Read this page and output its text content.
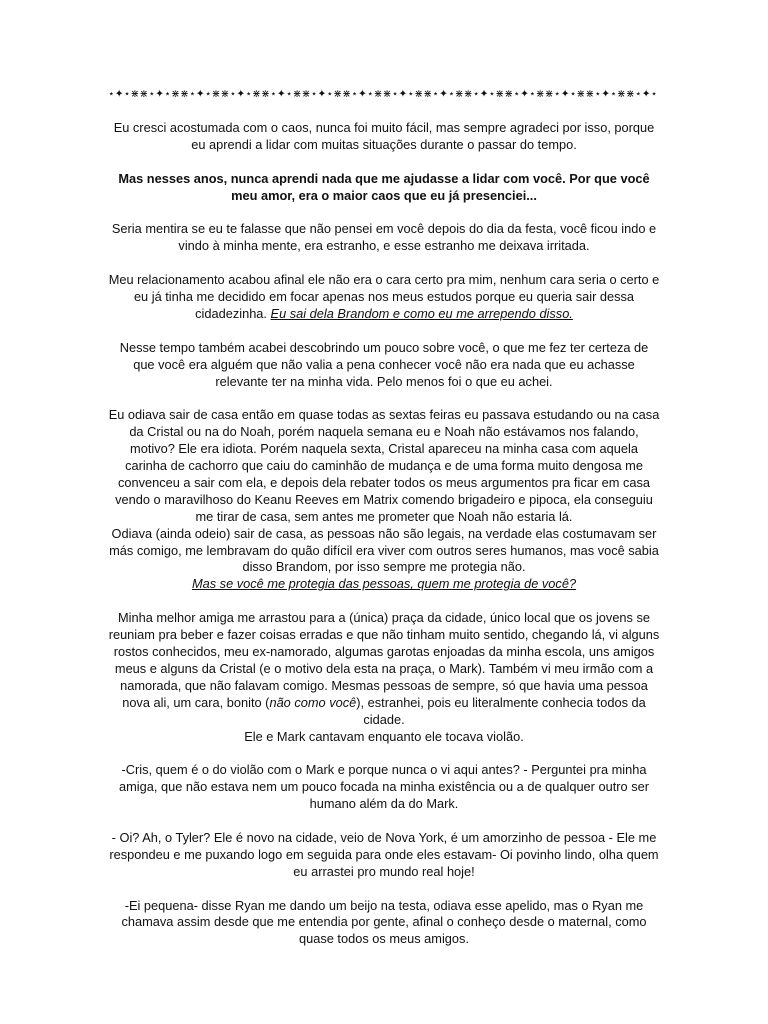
⋆✦⋆⋇⋇⋆✦⋆⋇⋇⋆✦⋆⋇⋇⋆✦⋆⋇⋇⋆✦⋆⋇⋇⋆✦⋆⋇⋇⋆✦⋆⋇⋇⋆✦⋆⋇⋇⋆✦⋆⋇⋇⋆✦⋆⋇⋇⋆✦⋆⋇⋇⋆✦⋆⋇⋇⋆✦⋆⋇⋇⋆✦⋆

Eu cresci acostumada com o caos, nunca foi muito fácil, mas sempre agradeci por isso, porque eu aprendi a lidar com muitas situações durante o passar do tempo.

Mas nesses anos, nunca aprendi nada que me ajudasse a lidar com você. Por que você meu amor, era o maior caos que eu já presenciei...

Seria mentira se eu te falasse que não pensei em você depois do dia da festa, você ficou indo e vindo à minha mente, era estranho, e esse estranho me deixava irritada.

Meu relacionamento acabou afinal ele não era o cara certo pra mim, nenhum cara seria o certo e eu já tinha me decidido em focar apenas nos meus estudos porque eu queria sair dessa cidadezinha. Eu sai dela Brandom e como eu me arrependo disso.

Nesse tempo também acabei descobrindo um pouco sobre você, o que me fez ter certeza de que você era alguém que não valia a pena conhecer você não era nada que eu achasse relevante ter na minha vida. Pelo menos foi o que eu achei.

Eu odiava sair de casa então em quase todas as sextas feiras eu passava estudando ou na casa da Cristal ou na do Noah, porém naquela semana eu e Noah não estávamos nos falando, motivo? Ele era idiota. Porém naquela sexta, Cristal apareceu na minha casa com aquela carinha de cachorro que caiu do caminhão de mudança e de uma forma muito dengosa me convenceu a sair com ela, e depois dela rebater todos os meus argumentos pra ficar em casa vendo o maravilhoso do Keanu Reeves em Matrix comendo brigadeiro e pipoca, ela conseguiu me tirar de casa, sem antes me prometer que Noah não estaria lá.

Odiava (ainda odeio) sair de casa, as pessoas não são legais, na verdade elas costumavam ser más comigo, me lembravam do quão difícil era viver com outros seres humanos, mas você sabia disso Brandom, por isso sempre me protegia não.

Mas se você me protegia das pessoas, quem me protegia de você?

Minha melhor amiga me arrastou para a (única) praça da cidade, único local que os jovens se reuniam pra beber e fazer coisas erradas e que não tinham muito sentido, chegando lá, vi alguns rostos conhecidos, meu ex-namorado, algumas garotas enjoadas da minha escola, uns amigos meus e alguns da Cristal (e o motivo dela esta na praça, o Mark). Também vi meu irmão com a namorada, que não falavam comigo. Mesmas pessoas de sempre, só que havia uma pessoa nova ali, um cara, bonito (não como você), estranhei, pois eu literalmente conhecia todos da cidade.

Ele e Mark cantavam enquanto ele tocava violão.

-Cris, quem é o do violão com o Mark e porque nunca o vi aqui antes? - Perguntei pra minha amiga, que não estava nem um pouco focada na minha existência ou a de qualquer outro ser humano além da do Mark.

- Oi? Ah, o Tyler? Ele é novo na cidade, veio de Nova York, é um amorzinho de pessoa - Ele me respondeu e me puxando logo em seguida para onde eles estavam- Oi povinho lindo, olha quem eu arrastei pro mundo real hoje!

-Ei pequena- disse Ryan me dando um beijo na testa, odiava esse apelido, mas o Ryan me chamava assim desde que me entendia por gente, afinal o conheço desde o maternal, como quase todos os meus amigos.
